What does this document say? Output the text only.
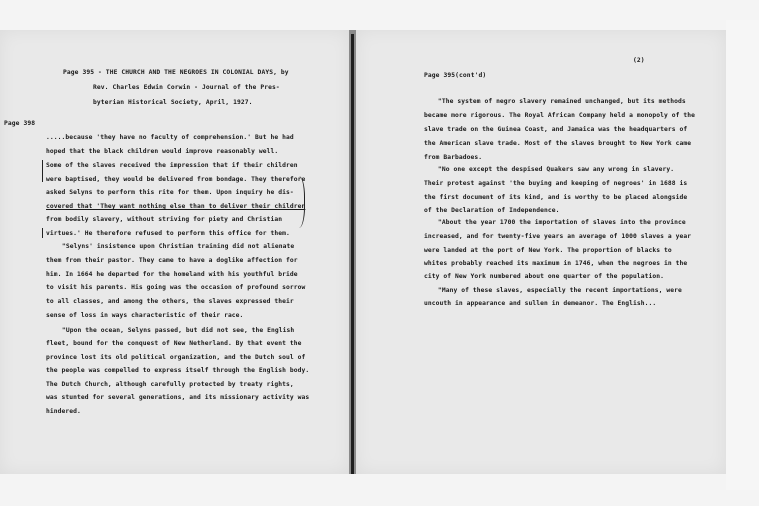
Page 398
Page 395 - THE CHURCH AND THE NEGROES IN COLONIAL DAYS, by
Rev. Charles Edwin Corwin - Journal of the Pres-
byterian Historical Society, April, 1927.
.....because 'they have no faculty of comprehension.' But he had
hoped that the black children would improve reasonably well.
Some of the slaves received the impression that if their children
were baptised, they would be delivered from bondage. They therefore
asked Selyns to perform this rite for them. Upon inquiry he dis-
covered that 'They want nothing else than to deliver their children
from bodily slavery, without striving for piety and Christian
virtues.' He therefore refused to perform this office for them.
"Selyns' insistence upon Christian training did not alienate
them from their pastor. They came to have a doglike affection for
him. In 1664 he departed for the homeland with his youthful bride
to visit his parents. His going was the occasion of profound sorrow
to all classes, and among the others, the slaves expressed their
sense of loss in ways characteristic of their race.
"Upon the ocean, Selyns passed, but did not see, the English
fleet, bound for the conquest of New Netherland. By that event the
province lost its old political organization, and the Dutch soul of
the people was compelled to express itself through the English body.
The Dutch Church, although carefully protected by treaty rights,
was stunted for several generations, and its missionary activity was
hindered.
(2)
Page 395(cont'd)
"The system of negro slavery remained unchanged, but its methods
became more rigorous. The Royal African Company held a monopoly of the
slave trade on the Guinea Coast, and Jamaica was the headquarters of
the American slave trade. Most of the slaves brought to New York came
from Barbadoes.
"No one except the despised Quakers saw any wrong in slavery.
Their protest against 'the buying and keeping of negroes' in 1688 is
the first document of its kind, and is worthy to be placed alongside
of the Declaration of Independence.
"About the year 1700 the importation of slaves into the province
increased, and for twenty-five years an average of 1000 slaves a year
were landed at the port of New York. The proportion of blacks to
whites probably reached its maximum in 1746, when the negroes in the
city of New York numbered about one quarter of the population.
"Many of these slaves, especially the recent importations, were
uncouth in appearance and sullen in demeanor. The English...
